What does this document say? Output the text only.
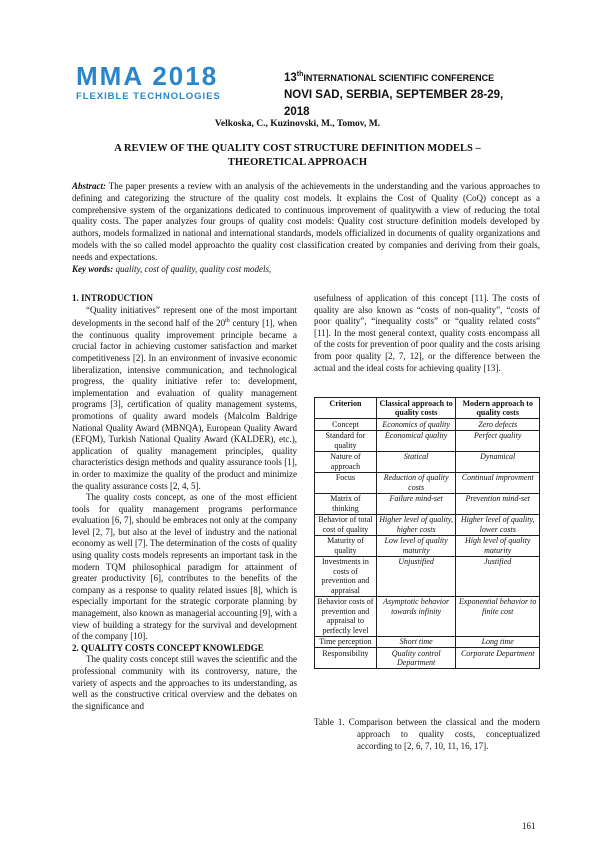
MMA 2018
FLEXIBLE TECHNOLOGIES
13thINTERNATIONAL SCIENTIFIC CONFERENCE
NOVI SAD, SERBIA, SEPTEMBER 28-29, 2018
Velkoska, C., Kuzinovski, M., Tomov, M.
A REVIEW OF THE QUALITY COST STRUCTURE DEFINITION MODELS –
THEORETICAL APPROACH
Abstract: The paper presents a review with an analysis of the achievements in the understanding and the various approaches to defining and categorizing the structure of the quality cost models. It explains the Cost of Quality (CoQ) concept as a comprehensive system of the organizations dedicated to continuous improvement of qualitywith a view of reducing the total quality costs. The paper analyzes four groups of quality cost models: Quality cost structure definition models developed by authors, models formalized in national and international standards, models officialized in documents of quality organizations and models with the so called model approachto the quality cost classification created by companies and deriving from their goals, needs and expectations.
Key words: quality, cost of quality, quality cost models,

1. INTRODUCTION

“Quality initiatives” represent one of the most important developments in the second half of the 20th century [1], when the continuous quality improvement principle became a crucial factor in achieving customer satisfaction and market competitiveness [2]. In an environment of invasive economic liberalization, intensive communication, and technological progress, the quality initiative refer to: development, implementation and evaluation of quality management programs [3], certification of quality management systems, promotions of quality award models (Malcolm Baldrige National Quality Award (MBNQA), European Quality Award (EFQM), Turkish National Quality Award (KALDER), etc.), application of quality management principles, quality characteristics design methods and quality assurance tools [1], in order to maximize the quality of the product and minimize the quality assurance costs [2, 4, 5].

The quality costs concept, as one of the most efficient tools for quality management programs performance evaluation [6, 7], should be embraces not only at the company level [2, 7], but also at the level of industry and the national economy as well [7]. The determination of the costs of quality using quality costs models represents an important task in the modern TQM philosophical paradigm for attainment of greater productivity [6], contributes to the benefits of the company as a response to quality related issues [8], which is especially important for the strategic corporate planning by management, also known as managerial accounting [9], with a view of building a strategy for the survival and development of the company [10].

2. QUALITY COSTS CONCEPT KNOWLEDGE

The quality costs concept still waves the scientific and the professional community with its controversy, nature, the variety of aspects and the approaches to its understanding, as well as the constructive critical overview and the debates on the significance and

usefulness of application of this concept [11]. The costs of quality are also known as “costs of non-quality”, “costs of poor quality”, “inequality costs” or “quality related costs” [11]. In the most general context, quality costs encompass all of the costs for prevention of poor quality and the costs arising from poor quality [2, 7, 12], or the difference between the actual and the ideal costs for achieving quality [13].

Criterion	Classical approach to quality costs	Modern approach to quality costs
Concept	Economics of quality	Zero defects
Standard for quality	Economical quality	Perfect quality
Nature of approach	Statical	Dynamical
Focus	Reduction of quality costs	Continual improvment
Matrix of thinking	Failure mind-set	Prevention mind-set
Behavior of total cost of quality	Higher level of quality, higher costs	Higher level of quality, lower costs
Maturity of quality	Low level of quality maturity	High level of quality maturity
Investments in costs of prevention and appraisal	Unjustified	Justified
Behavior costs of prevention and appraisal to perfectly level	Asymptotic behavior towards infinity	Exponential behavior to finite cost
Time perception	Short time	Long time
Responsibility	Quality control Department	Corporate Department
Table 1. Comparison between the classical and the modern approach to quality costs, conceptualized according to [2, 6, 7, 10, 11, 16, 17].
161
